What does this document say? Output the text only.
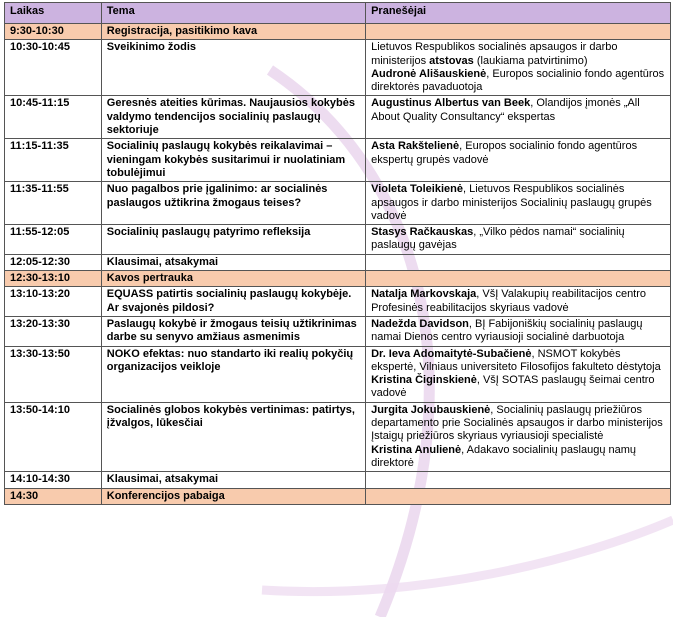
Laikas	Tema	Pranešėjai
9:30-10:30	Registracija, pasitikimo kava	
10:30-10:45	Sveikinimo žodis	Lietuvos Respublikos socialinės apsaugos ir darbo ministerijos atstovas (laukiama patvirtinimo)
Audronė Ališauskienė, Europos socialinio fondo agentūros direktorės pavaduotoja

10:45-11:15	Geresnės ateities kūrimas. Naujausios kokybės valdymo tendencijos socialinių paslaugų sektoriuje	Augustinus Albertus van Beek, Olandijos įmonės „All About Quality Consultancy“ ekspertas

11:15-11:35	Socialinių paslaugų kokybės reikalavimai – vieningam kokybės susitarimui ir nuolatiniam tobulėjimui	Asta Rakštelienė, Europos socialinio fondo agentūros ekspertų grupės vadovė

11:35-11:55	Nuo pagalbos prie įgalinimo: ar socialinės paslaugos užtikrina žmogaus teises?	Violeta Toleikienė, Lietuvos Respublikos socialinės apsaugos ir darbo ministerijos Socialinių paslaugų grupės vadovė

11:55-12:05	Socialinių paslaugų patyrimo refleksija	Stasys Račkauskas, „Vilko pėdos namai“ socialinių paslaugų gavėjas

12:05-12:30	Klausimai, atsakymai	
12:30-13:10	Kavos pertrauka	
13:10-13:20	EQUASS patirtis socialinių paslaugų kokybėje. Ar svajonės pildosi?	Natalja Markovskaja, VšĮ Valakupių reabilitacijos centro Profesinės reabilitacijos skyriaus vadovė

13:20-13:30	Paslaugų kokybė ir žmogaus teisių užtikrinimas darbe su senyvo amžiaus asmenimis	Nadežda Davidson, BĮ Fabijoniškių socialinių paslaugų namai Dienos centro vyriausioji socialinė darbuotoja

13:30-13:50	NOKO efektas: nuo standarto iki realių pokyčių organizacijos veikloje	Dr. Ieva Adomaitytė-Subačienė, NSMOT kokybės ekspertė, Vilniaus universiteto Filosofijos fakulteto dėstytoja
Kristina Čiginskienė, VšĮ SOTAS paslaugų šeimai centro vadovė

13:50-14:10	Socialinės globos kokybės vertinimas: patirtys, įžvalgos, lūkesčiai	Jurgita Jokubauskienė, Socialinių paslaugų priežiūros departamento prie Socialinės apsaugos ir darbo ministerijos Įstaigų priežiūros skyriaus vyriausioji specialistė
Kristina Anulienė, Adakavo socialinių paslaugų namų direktorė

14:10-14:30	Klausimai, atsakymai	
14:30	Konferencijos pabaiga	
